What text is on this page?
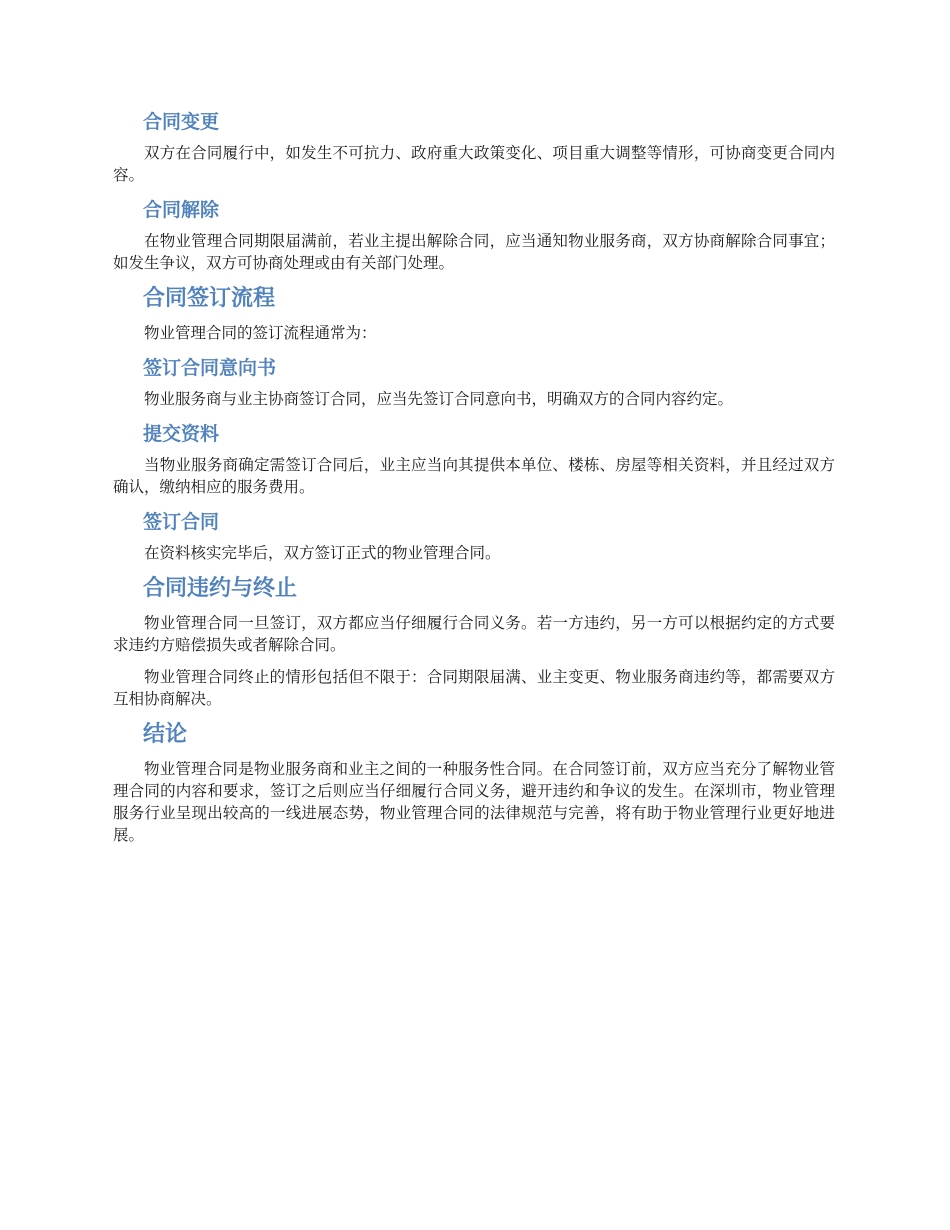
合同变更
双方在合同履行中，如发生不可抗力、政府重大政策变化、项目重大调整等情形，可协商变更合同内容。
合同解除
在物业管理合同期限届满前，若业主提出解除合同，应当通知物业服务商，双方协商解除合同事宜；如发生争议，双方可协商处理或由有关部门处理。
合同签订流程
物业管理合同的签订流程通常为：
签订合同意向书
物业服务商与业主协商签订合同，应当先签订合同意向书，明确双方的合同内容约定。
提交资料
当物业服务商确定需签订合同后，业主应当向其提供本单位、楼栋、房屋等相关资料，并且经过双方确认，缴纳相应的服务费用。
签订合同
在资料核实完毕后，双方签订正式的物业管理合同。
合同违约与终止
物业管理合同一旦签订，双方都应当仔细履行合同义务。若一方违约，另一方可以根据约定的方式要求违约方赔偿损失或者解除合同。
物业管理合同终止的情形包括但不限于：合同期限届满、业主变更、物业服务商违约等，都需要双方互相协商解决。
结论
物业管理合同是物业服务商和业主之间的一种服务性合同。在合同签订前，双方应当充分了解物业管理合同的内容和要求，签订之后则应当仔细履行合同义务，避开违约和争议的发生。在深圳市，物业管理服务行业呈现出较高的一线进展态势，物业管理合同的法律规范与完善，将有助于物业管理行业更好地进展。
